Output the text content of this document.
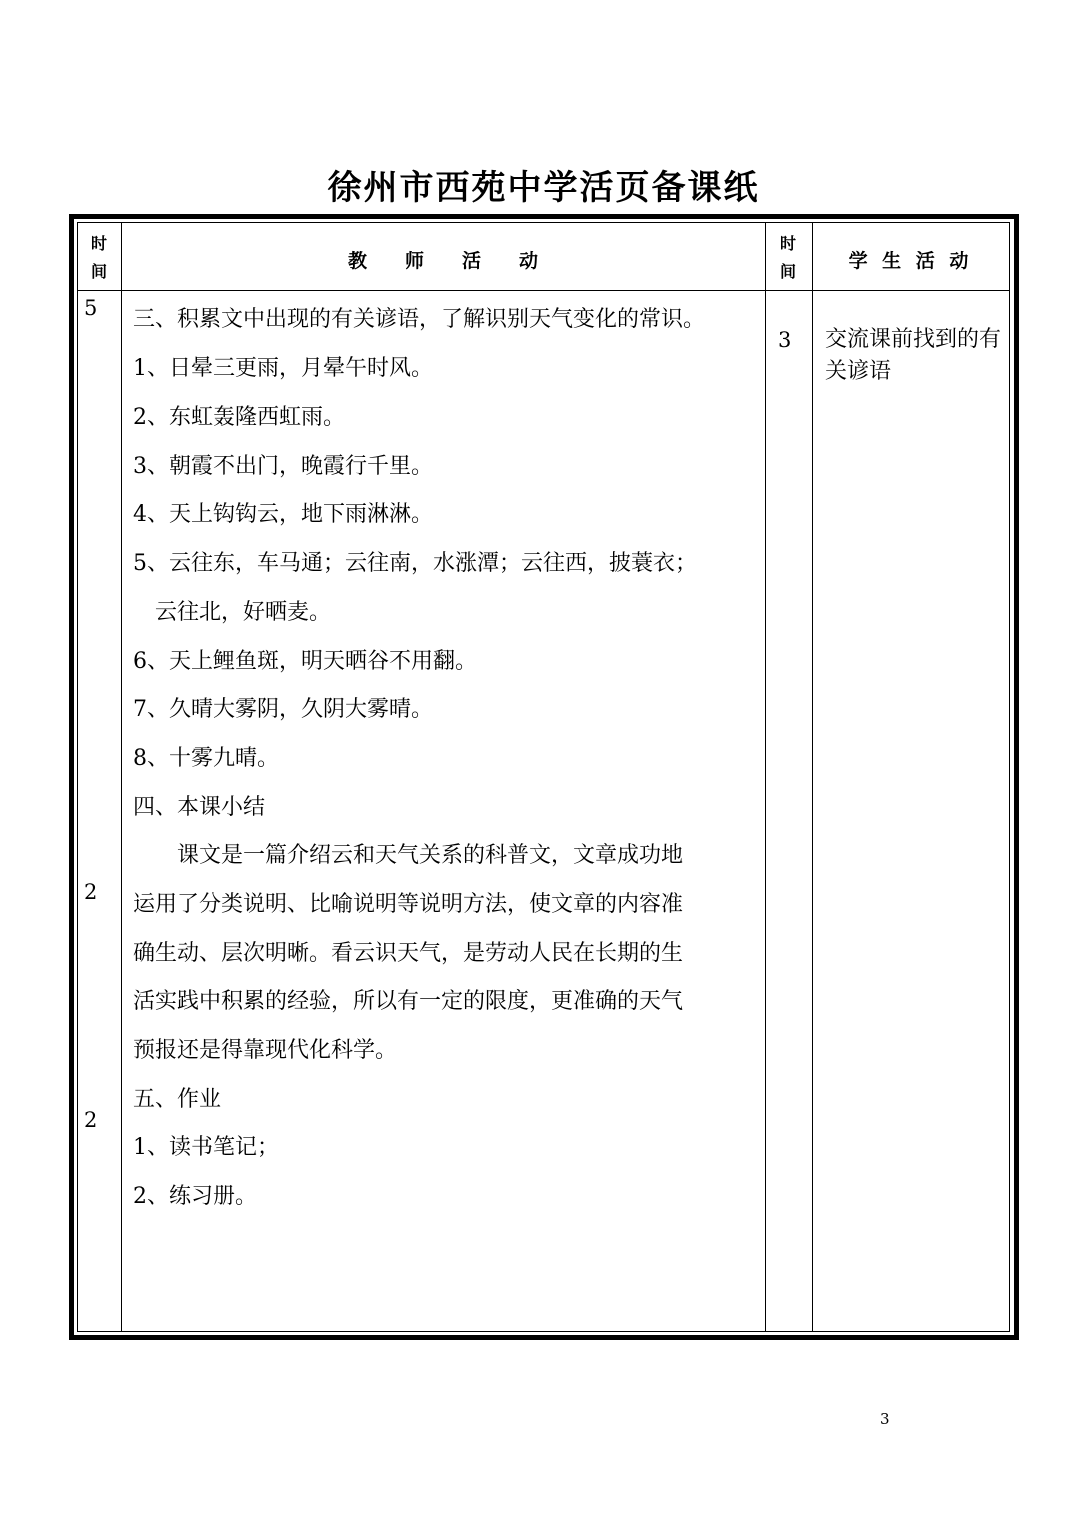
徐州市西苑中学活页备课纸
时
间	教　　师　　活　　动
时
间	学 生 活 动
5
2
2
3
三、积累文中出现的有关谚语，了解识别天气变化的常识。
1、日晕三更雨，月晕午时风。
2、东虹轰隆西虹雨。
3、朝霞不出门，晚霞行千里。
4、天上钩钩云，地下雨淋淋。
5、云往东，车马通；云往南，水涨潭；云往西，披蓑衣；
　云往北，好晒麦。
6、天上鲤鱼斑，明天晒谷不用翻。
7、久晴大雾阴，久阴大雾晴。
8、十雾九晴。
四、本课小结
　　课文是一篇介绍云和天气关系的科普文，文章成功地
运用了分类说明、比喻说明等说明方法，使文章的内容准
确生动、层次明晰。看云识天气，是劳动人民在长期的生
活实践中积累的经验，所以有一定的限度，更准确的天气
预报还是得靠现代化科学。
五、作业
1、读书笔记；
2、练习册。
交流课前找到的有关谚语
3
